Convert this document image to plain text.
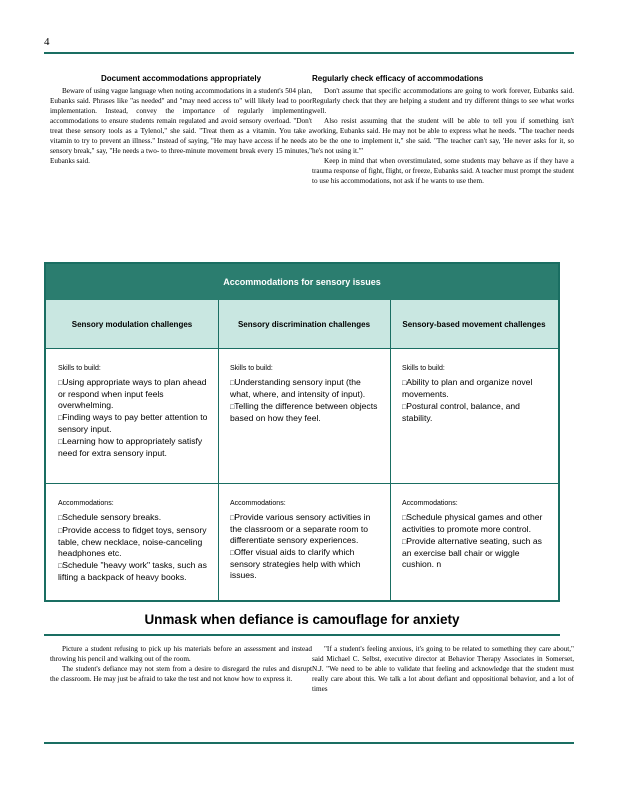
4
Document accommodations appropriately

Beware of using vague language when noting accommodations in a student's 504 plan, Eubanks said. Phrases like "as needed" and "may need access to" will likely lead to poor implementation. Instead, convey the importance of regularly implementing accommodations to ensure students remain regulated and avoid sensory overload. "Don't treat these sensory tools as a Tylenol," she said. "Treat them as a vitamin. You take a vitamin to try to prevent an illness." Instead of saying, "He may have access if he needs a sensory break," say, "He needs a two- to three-minute movement break every 15 minutes," Eubanks said.

Regularly check efficacy of accommodations

Don't assume that specific accommodations are going to work forever, Eubanks said. Regularly check that they are helping a student and try different things to see what works well.

Also resist assuming that the student will be able to tell you if something isn't working, Eubanks said. He may not be able to express what he needs. "The teacher needs to be the one to implement it," she said. "The teacher can't say, 'He never asks for it, so he's not using it.'"

Keep in mind that when overstimulated, some students may behave as if they have a trauma response of fight, flight, or freeze, Eubanks said. A teacher must prompt the student to use his accommodations, not ask if he wants to use them.

Accommodations for sensory issues
Sensory modulation challenges	Sensory discrimination challenges	Sensory-based movement challenges
Skills to build:
□ Using appropriate ways to plan ahead or respond when input feels overwhelming.
□ Finding ways to pay better attention to sensory input.
□ Learning how to appropriately satisfy need for extra sensory input.
Skills to build:
□ Understanding sensory input (the what, where, and intensity of input).
□ Telling the difference between objects based on how they feel.
Skills to build:
□ Ability to plan and organize novel movements.
□ Postural control, balance, and stability.
Accommodations:
□ Schedule sensory breaks.
□ Provide access to fidget toys, sensory table, chew necklace, noise-canceling headphones etc.
□ Schedule "heavy work" tasks, such as lifting a backpack of heavy books.
Accommodations:
□ Provide various sensory activities in the classroom or a separate room to differentiate sensory experiences.
□ Offer visual aids to clarify which sensory strategies help with which issues.
Accommodations:
□ Schedule physical games and other activities to promote more control.
□ Provide alternative seating, such as an exercise ball chair or wiggle cushion. n
Unmask when defiance is camouflage for anxiety

Picture a student refusing to pick up his materials before an assessment and instead throwing his pencil and walking out of the room.

The student's defiance may not stem from a desire to disregard the rules and disrupt the classroom. He may just be afraid to take the test and not know how to express it.

"If a student's feeling anxious, it's going to be related to something they care about," said Michael C. Selbst, executive director at Behavior Therapy Associates in Somerset, N.J. "We need to be able to validate that feeling and acknowledge that the student must really care about this. We talk a lot about defiant and oppositional behavior, and a lot of times
